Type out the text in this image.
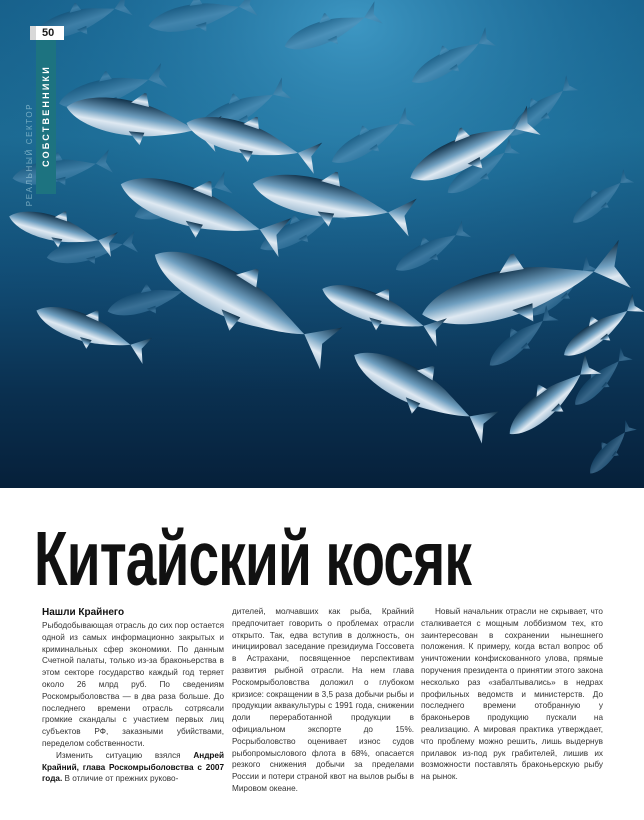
РЕАЛЬНЫЙ СЕКТОР СОБСТВЕННИКИ
50
Китайский косяк
Нашли Крайнего

Рыбодобывающая отрасль до сих пор остается одной из самых информационно закрытых и криминальных сфер экономики. По данным Счетной палаты, только из-за браконьерства в этом секторе государство каждый год теряет около 26 млрд руб. По сведениям Роскомрыболовства — в два раза больше. До последнего времени отрасль сотрясали громкие скандалы с участием первых лиц субъектов РФ, заказными убийствами, переделом собственности.

Изменить ситуацию взялся Андрей Крайний, глава Роскомрыболовства с 2007 года. В отличие от прежних руково-

дителей, молчавших как рыба, Крайний предпочитает говорить о проблемах отрасли открыто. Так, едва вступив в должность, он инициировал заседание президиума Госсовета в Астрахани, посвященное перспективам развития рыбной отрасли. На нем глава Роскомрыболовства доложил о глубоком кризисе: сокращении в 3,5 раза добычи рыбы и продукции аквакультуры с 1991 года, снижении доли переработанной продукции в официальном экспорте до 15%. Росрыболовство оценивает износ судов рыбопромыслового флота в 68%, опасается резкого снижения добычи за пределами России и потери страной квот на вылов рыбы в Мировом океане.

Новый начальник отрасли не скрывает, что сталкивается с мощным лоббизмом тех, кто заинтересован в сохранении нынешнего положения. К примеру, когда встал вопрос об уничтожении конфискованного улова, прямые поручения президента о принятии этого закона несколько раз «забалтывались» в недрах профильных ведомств и министерств. До последнего времени отобранную у браконьеров продукцию пускали на реализацию. А мировая практика утверждает, что проблему можно решить, лишь выдернув прилавок из-под рук грабителей, лишив их возможности поставлять браконьерскую рыбу на рынок.
